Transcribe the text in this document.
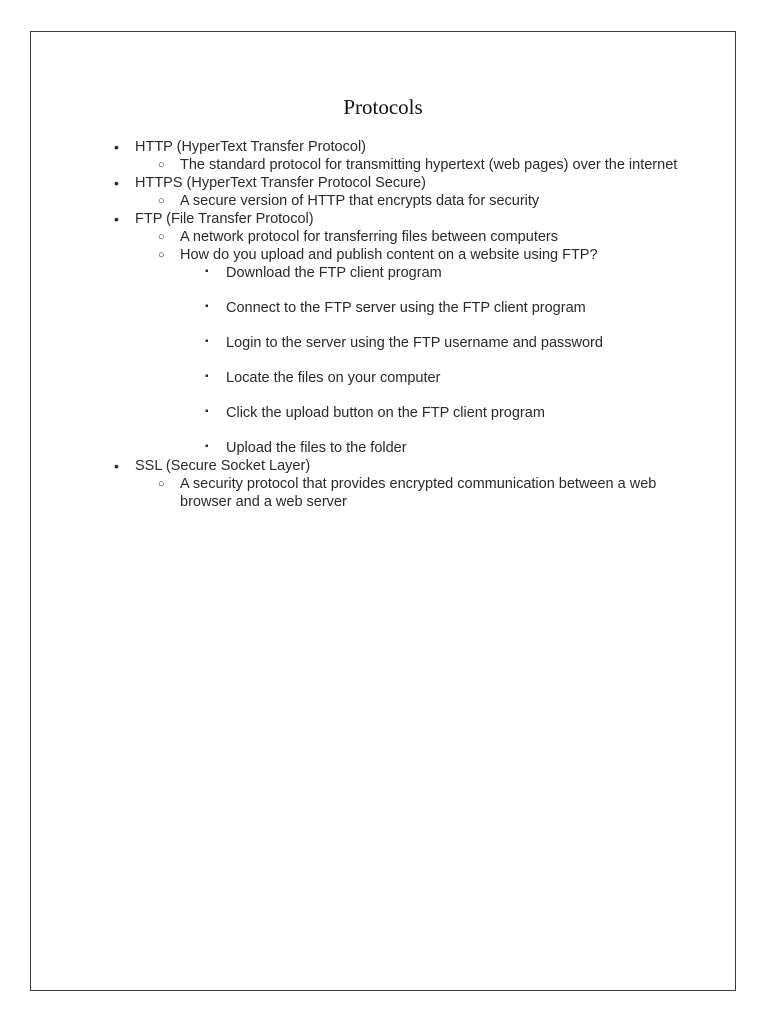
Protocols
• HTTP (HyperText Transfer Protocol)
○ The standard protocol for transmitting hypertext (web pages) over the internet
• HTTPS (HyperText Transfer Protocol Secure)
○ A secure version of HTTP that encrypts data for security
• FTP (File Transfer Protocol)
○ A network protocol for transferring files between computers
○ How do you upload and publish content on a website using FTP?
▪ Download the FTP client program
▪ Connect to the FTP server using the FTP client program
▪ Login to the server using the FTP username and password
▪ Locate the files on your computer
▪ Click the upload button on the FTP client program
▪ Upload the files to the folder
• SSL (Secure Socket Layer)
○ A security protocol that provides encrypted communication between a web browser and a web server
